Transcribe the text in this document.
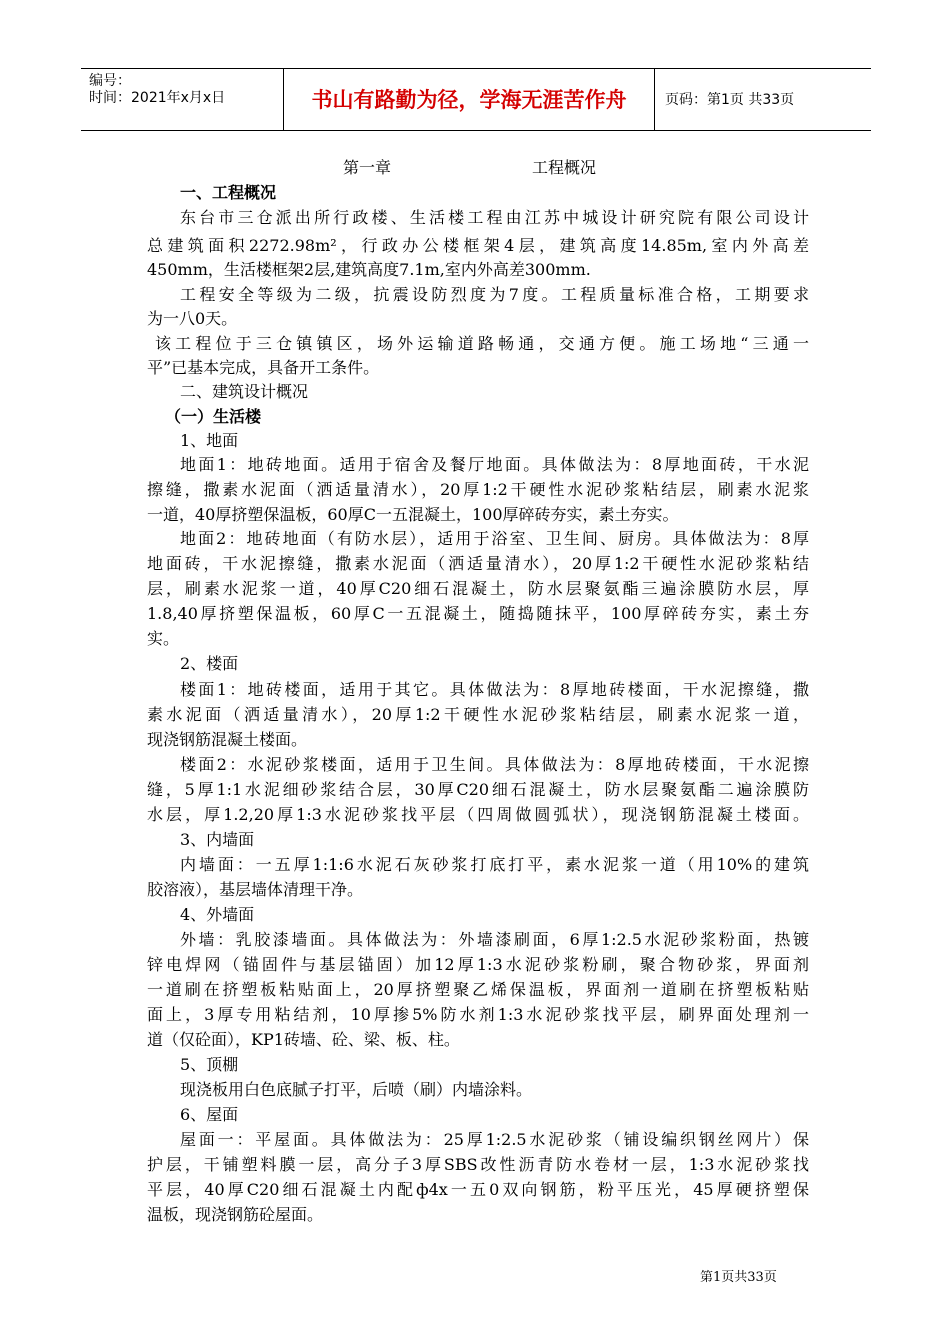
编号：
时间：2021年x月x日	书山有路勤为径，学海无涯苦作舟	页码：第1页 共33页
第一章	工程概况
一、工程概况
东台市三仓派出所行政楼、生活楼工程由江苏中城设计研究院有限公司设计
总建筑面积2272.98m²，行政办公楼框架4层，建筑高度14.85m,室内外高差
450mm，生活楼框架2层,建筑高度7.1m,室内外高差300mm.
工程安全等级为二级，抗震设防烈度为7度。工程质量标准合格，工期要求
为一八0天。
该工程位于三仓镇镇区，场外运输道路畅通，交通方便。施工场地“三通一
平”已基本完成，具备开工条件。
二、建筑设计概况
（一）生活楼
1、地面
地面1：地砖地面。适用于宿舍及餐厅地面。具体做法为：8厚地面砖，干水泥
擦缝，撒素水泥面（洒适量清水），20厚1:2干硬性水泥砂浆粘结层，刷素水泥浆
一道，40厚挤塑保温板，60厚C一五混凝土，100厚碎砖夯实，素土夯实。
地面2：地砖地面（有防水层），适用于浴室、卫生间、厨房。具体做法为：8厚
地面砖，干水泥擦缝，撒素水泥面（洒适量清水），20厚1:2干硬性水泥砂浆粘结
层，刷素水泥浆一道，40厚C20细石混凝土，防水层聚氨酯三遍涂膜防水层，厚
1.8,40厚挤塑保温板，60厚C一五混凝土，随捣随抹平，100厚碎砖夯实，素土夯
实。
2、楼面
楼面1：地砖楼面，适用于其它。具体做法为：8厚地砖楼面，干水泥擦缝，撒
素水泥面（洒适量清水），20厚1:2干硬性水泥砂浆粘结层，刷素水泥浆一道，
现浇钢筋混凝土楼面。
楼面2：水泥砂浆楼面，适用于卫生间。具体做法为：8厚地砖楼面，干水泥擦
缝，5厚1:1水泥细砂浆结合层，30厚C20细石混凝土，防水层聚氨酯二遍涂膜防
水层，厚1.2,20厚1:3水泥砂浆找平层（四周做圆弧状），现浇钢筋混凝土楼面。
3、内墙面
内墙面：一五厚1:1:6水泥石灰砂浆打底打平，素水泥浆一道（用10%的建筑
胶溶液），基层墙体清理干净。
4、外墙面
外墙：乳胶漆墙面。具体做法为：外墙漆刷面，6厚1:2.5水泥砂浆粉面，热镀
锌电焊网（锚固件与基层锚固）加12厚1:3水泥砂浆粉刷，聚合物砂浆，界面剂
一道刷在挤塑板粘贴面上，20厚挤塑聚乙烯保温板，界面剂一道刷在挤塑板粘贴
面上，3厚专用粘结剂，10厚掺5%防水剂1:3水泥砂浆找平层，刷界面处理剂一
道（仅砼面），KP1砖墙、砼、梁、板、柱。
5、顶棚
现浇板用白色底腻子打平，后喷（刷）内墙涂料。
6、屋面
屋面一：平屋面。具体做法为：25厚1:2.5水泥砂浆（铺设编织钢丝网片）保
护层，干铺塑料膜一层，高分子3厚SBS改性沥青防水卷材一层，1:3水泥砂浆找
平层，40厚C20细石混凝土内配ф4x一五0双向钢筋，粉平压光，45厚硬挤塑保
温板，现浇钢筋砼屋面。
第1页共33页
